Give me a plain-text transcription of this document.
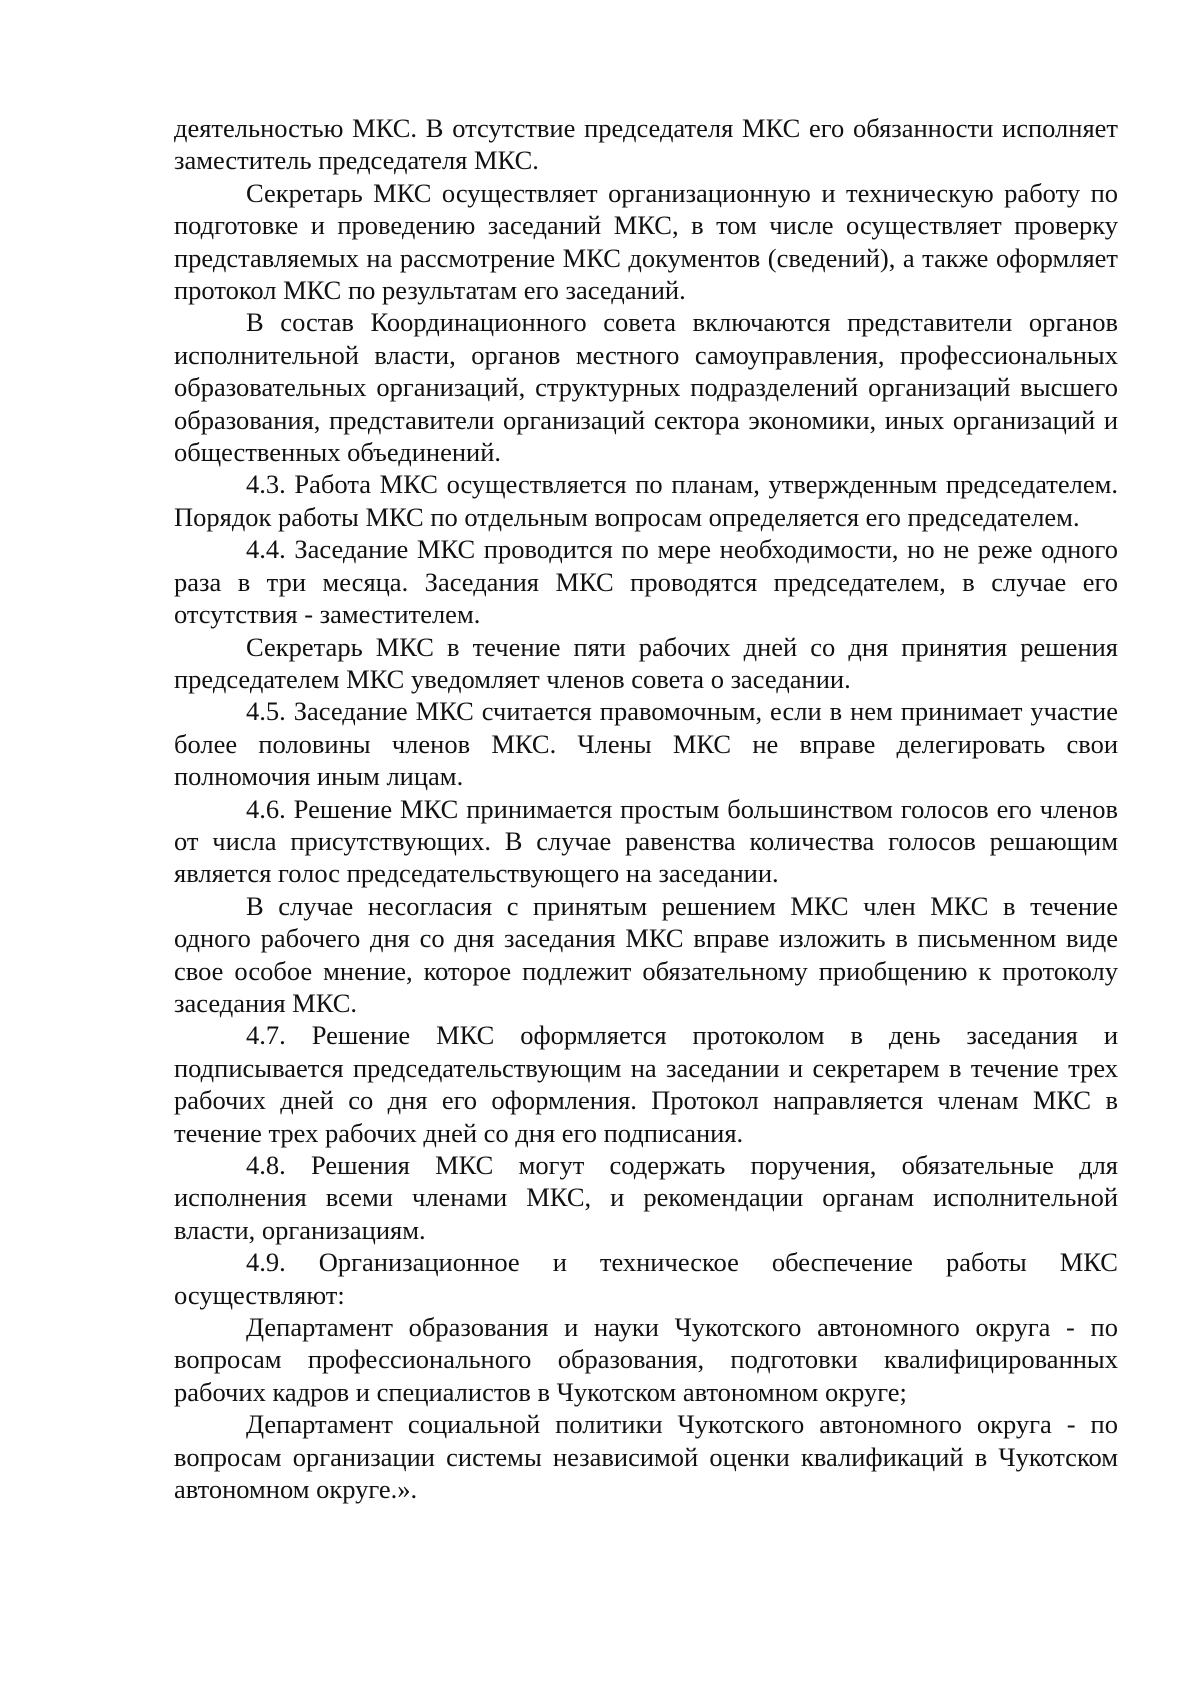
деятельностью МКС. В отсутствие председателя МКС его обязанности исполняет заместитель председателя МКС.

Секретарь МКС осуществляет организационную и техническую работу по подготовке и проведению заседаний МКС, в том числе осуществляет проверку представляемых на рассмотрение МКС документов (сведений), а также оформляет протокол МКС по результатам его заседаний.

В состав Координационного совета включаются представители органов исполнительной власти, органов местного самоуправления, профессиональных образовательных организаций, структурных подразделений организаций высшего образования, представители организаций сектора экономики, иных организаций и общественных объединений.

4.3. Работа МКС осуществляется по планам, утвержденным председателем. Порядок работы МКС по отдельным вопросам определяется его председателем.

4.4. Заседание МКС проводится по мере необходимости, но не реже одного раза в три месяца. Заседания МКС проводятся председателем, в случае его отсутствия - заместителем.

Секретарь МКС в течение пяти рабочих дней со дня принятия решения председателем МКС уведомляет членов совета о заседании.

4.5. Заседание МКС считается правомочным, если в нем принимает участие более половины членов МКС. Члены МКС не вправе делегировать свои полномочия иным лицам.

4.6. Решение МКС принимается простым большинством голосов его членов от числа присутствующих. В случае равенства количества голосов решающим является голос председательствующего на заседании.

В случае несогласия с принятым решением МКС член МКС в течение одного рабочего дня со дня заседания МКС вправе изложить в письменном виде свое особое мнение, которое подлежит обязательному приобщению к протоколу заседания МКС.

4.7. Решение МКС оформляется протоколом в день заседания и подписывается председательствующим на заседании и секретарем в течение трех рабочих дней со дня его оформления. Протокол направляется членам МКС в течение трех рабочих дней со дня его подписания.

4.8. Решения МКС могут содержать поручения, обязательные для исполнения всеми членами МКС, и рекомендации органам исполнительной власти, организациям.

4.9. Организационное и техническое обеспечение работы МКС осуществляют:

Департамент образования и науки Чукотского автономного округа - по вопросам профессионального образования, подготовки квалифицированных рабочих кадров и специалистов в Чукотском автономном округе;

Департамент социальной политики Чукотского автономного округа - по вопросам организации системы независимой оценки квалификаций в Чукотском автономном округе.».
